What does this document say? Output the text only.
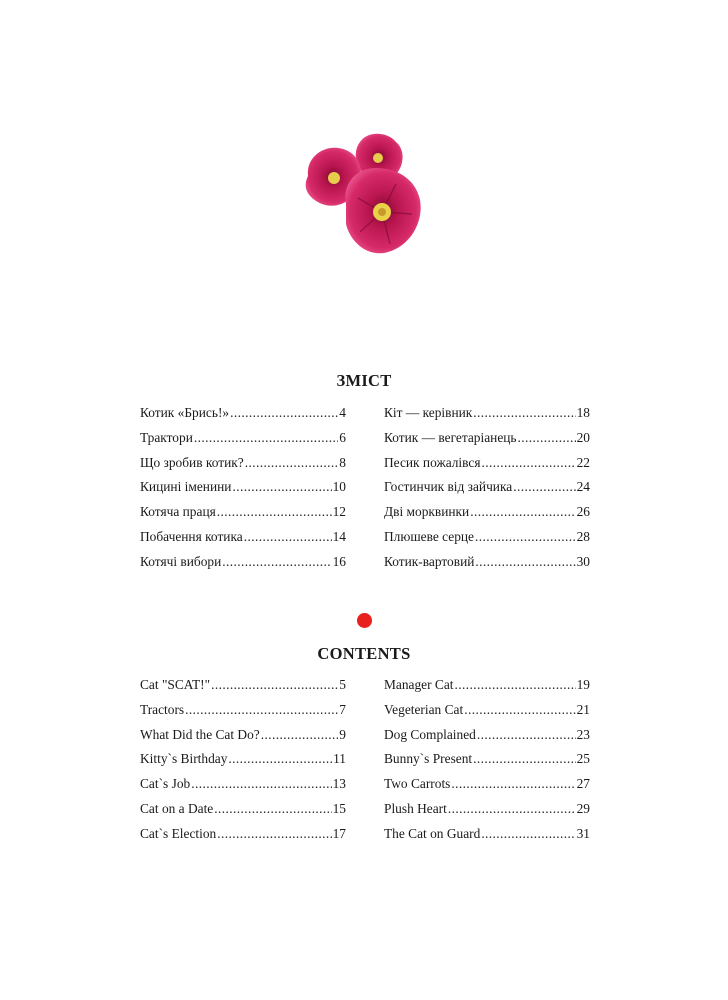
ЗМІСТ
Котик «Брись!» .....	4
Трактори .....	6
Що зробив котик? .....	8
Кицині іменини .....	10
Котяча праця .....	12
Побачення котика .....	14
Котячі вибори .....	16
Кіт — керівник .....	18
Котик — вегетаріанець .....	20
Песик пожалівся .....	22
Гостинчик від зайчика .....	24
Дві морквинки .....	26
Плюшеве серце .....	28
Котик-вартовий .....	30
CONTENTS
Cat "SCAT!" .....	5
Tractors .....	7
What Did the Cat Do? .....	9
Kitty`s Birthday .....	11
Cat`s Job .....	13
Cat on a Date .....	15
Cat`s Election .....	17
Manager Cat .....	19
Vegeterian Cat .....	21
Dog Complained .....	23
Bunny`s Present .....	25
Two Carrots .....	27
Plush Heart .....	29
The Cat on Guard .....	31
